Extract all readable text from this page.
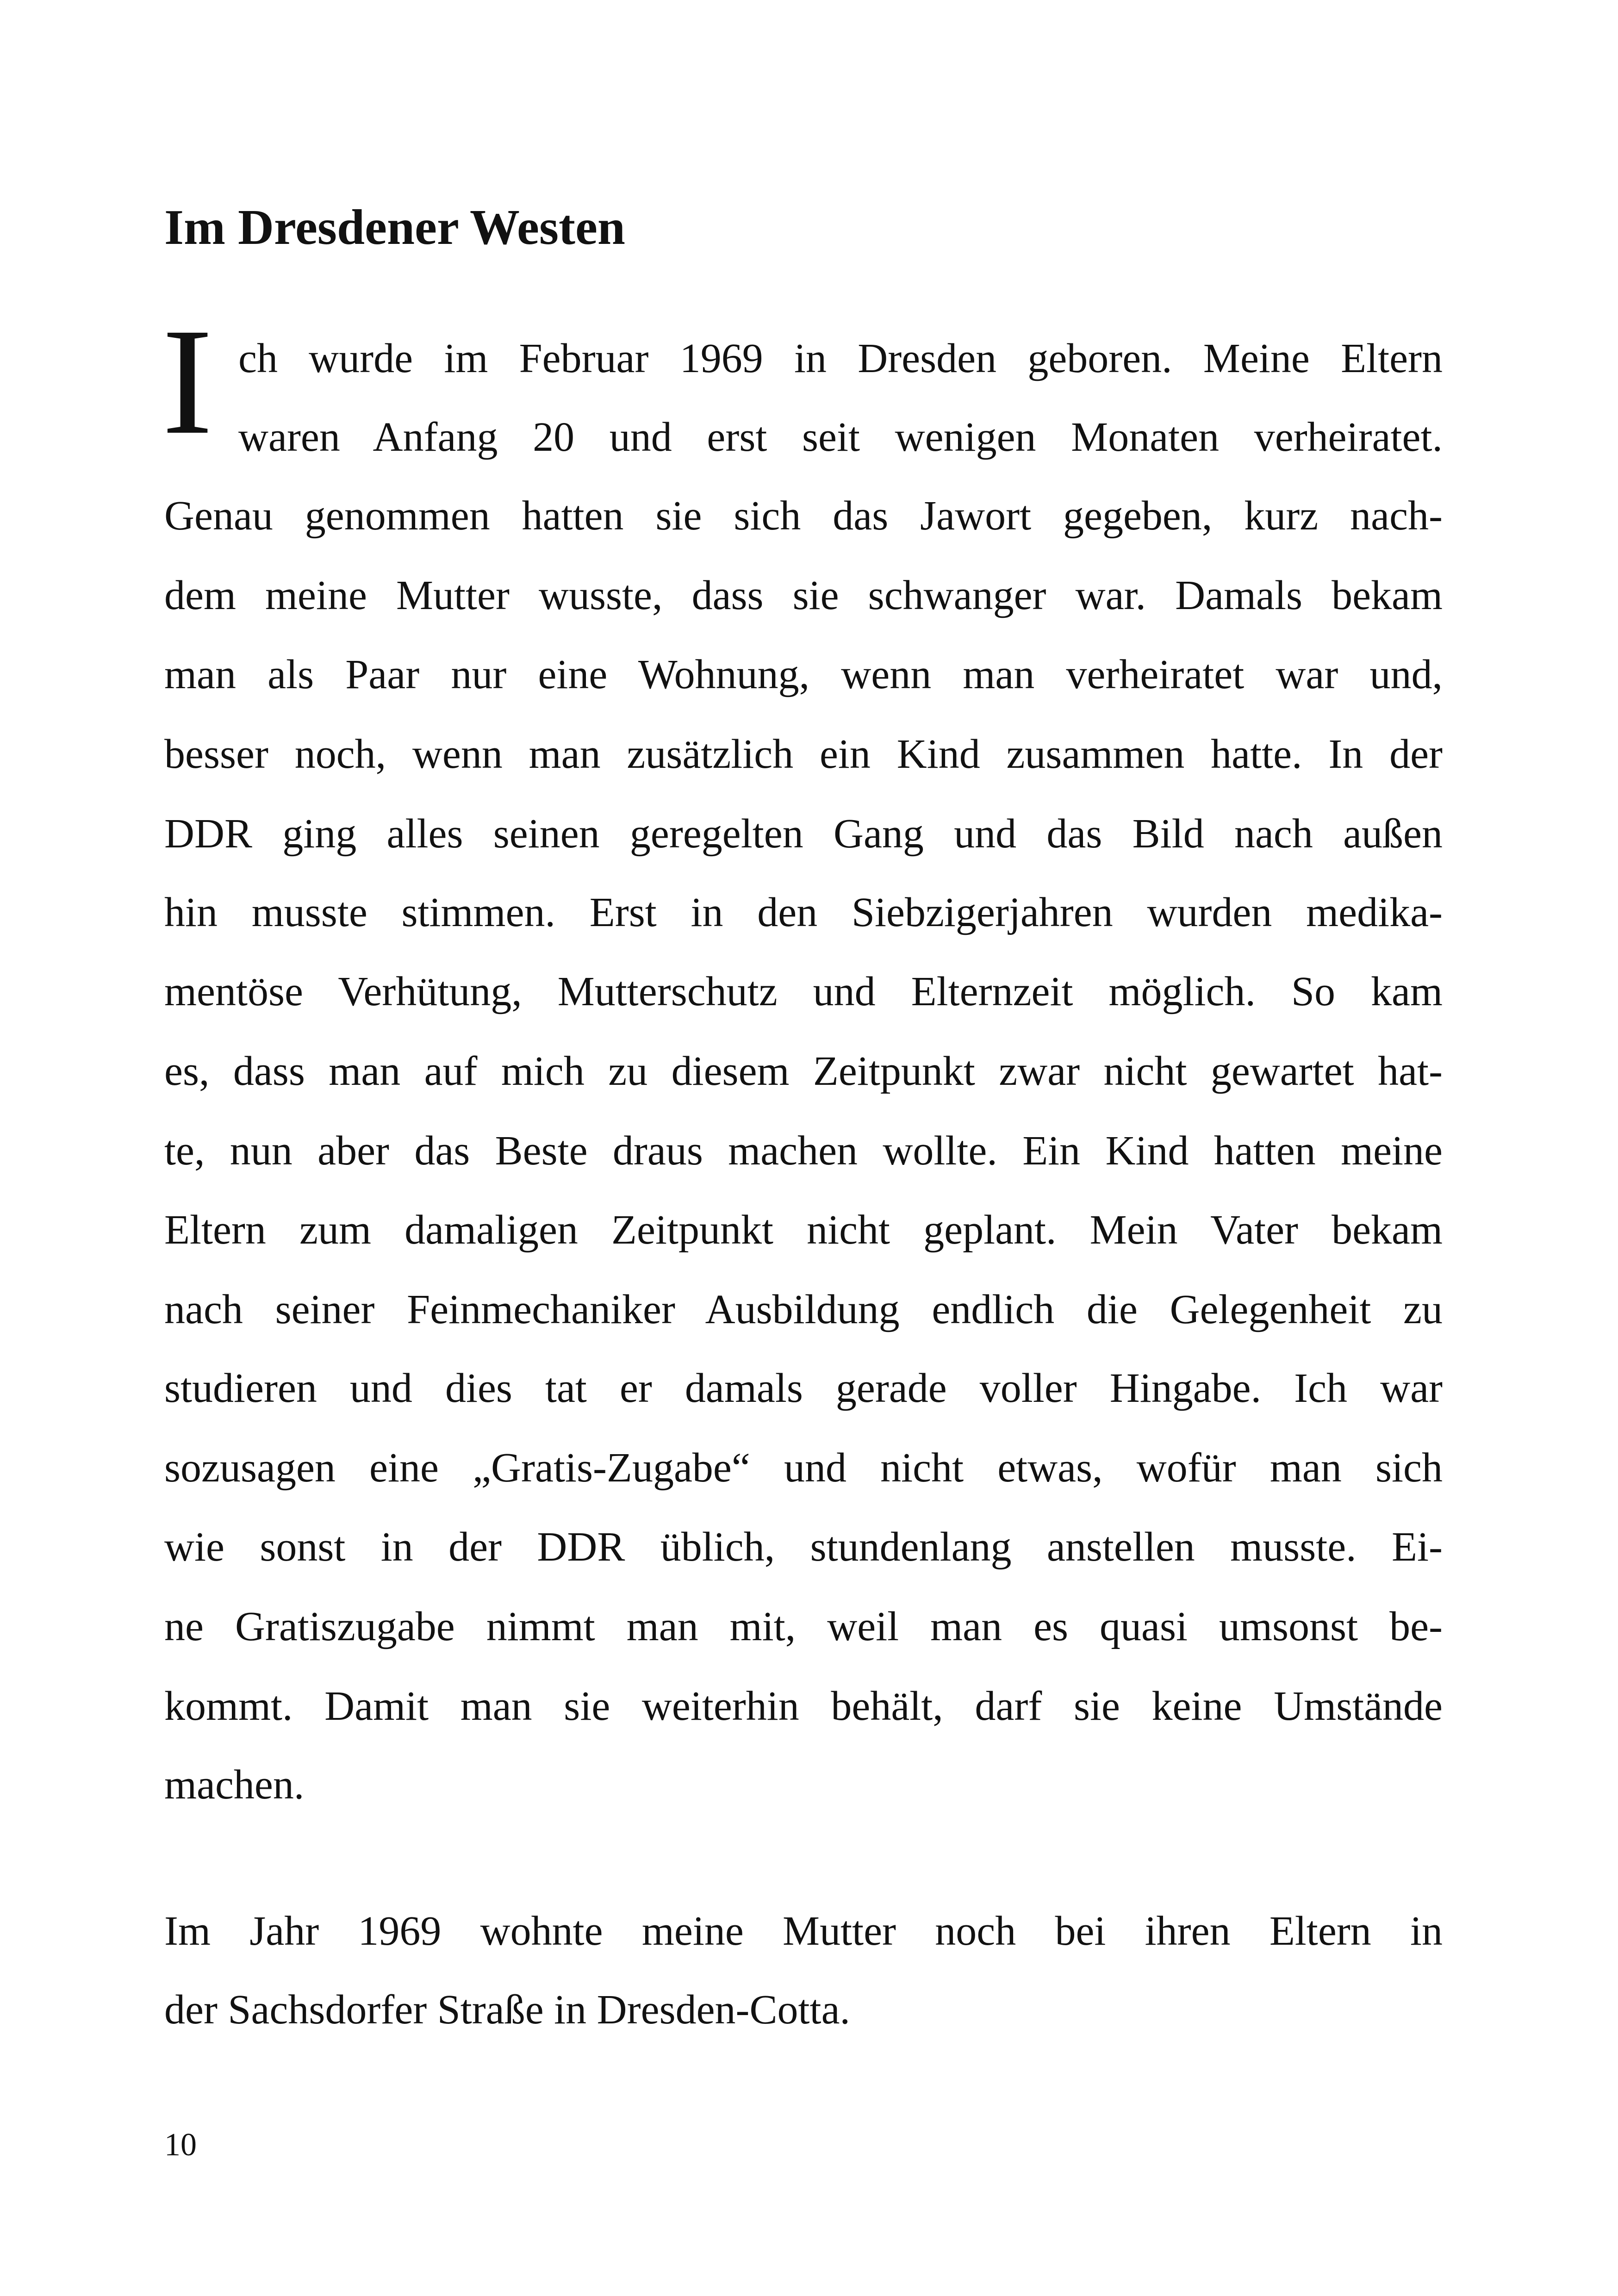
Im Dresdener Westen
I ch wurde im Februar 1969 in Dresden geboren. Meine Eltern
waren Anfang 20 und erst seit wenigen Monaten verheiratet.
Genau genommen hatten sie sich das Jawort gegeben, kurz nach-
dem meine Mutter wusste, dass sie schwanger war. Damals bekam
man als Paar nur eine Wohnung, wenn man verheiratet war und,
besser noch, wenn man zusätzlich ein Kind zusammen hatte. In der
DDR ging alles seinen geregelten Gang und das Bild nach außen
hin musste stimmen. Erst in den Siebzigerjahren wurden medika-
mentöse Verhütung, Mutterschutz und Elternzeit möglich. So kam
es, dass man auf mich zu diesem Zeitpunkt zwar nicht gewartet hat-
te, nun aber das Beste draus machen wollte. Ein Kind hatten meine
Eltern zum damaligen Zeitpunkt nicht geplant. Mein Vater bekam
nach seiner Feinmechaniker Ausbildung endlich die Gelegenheit zu
studieren und dies tat er damals gerade voller Hingabe. Ich war
sozusagen eine „Gratis-Zugabe“ und nicht etwas, wofür man sich
wie sonst in der DDR üblich, stundenlang anstellen musste. Ei-
ne Gratiszugabe nimmt man mit, weil man es quasi umsonst be-
kommt. Damit man sie weiterhin behält, darf sie keine Umstände
machen.
Im Jahr 1969 wohnte meine Mutter noch bei ihren Eltern in
der Sachsdorfer Straße in Dresden-Cotta.
10
